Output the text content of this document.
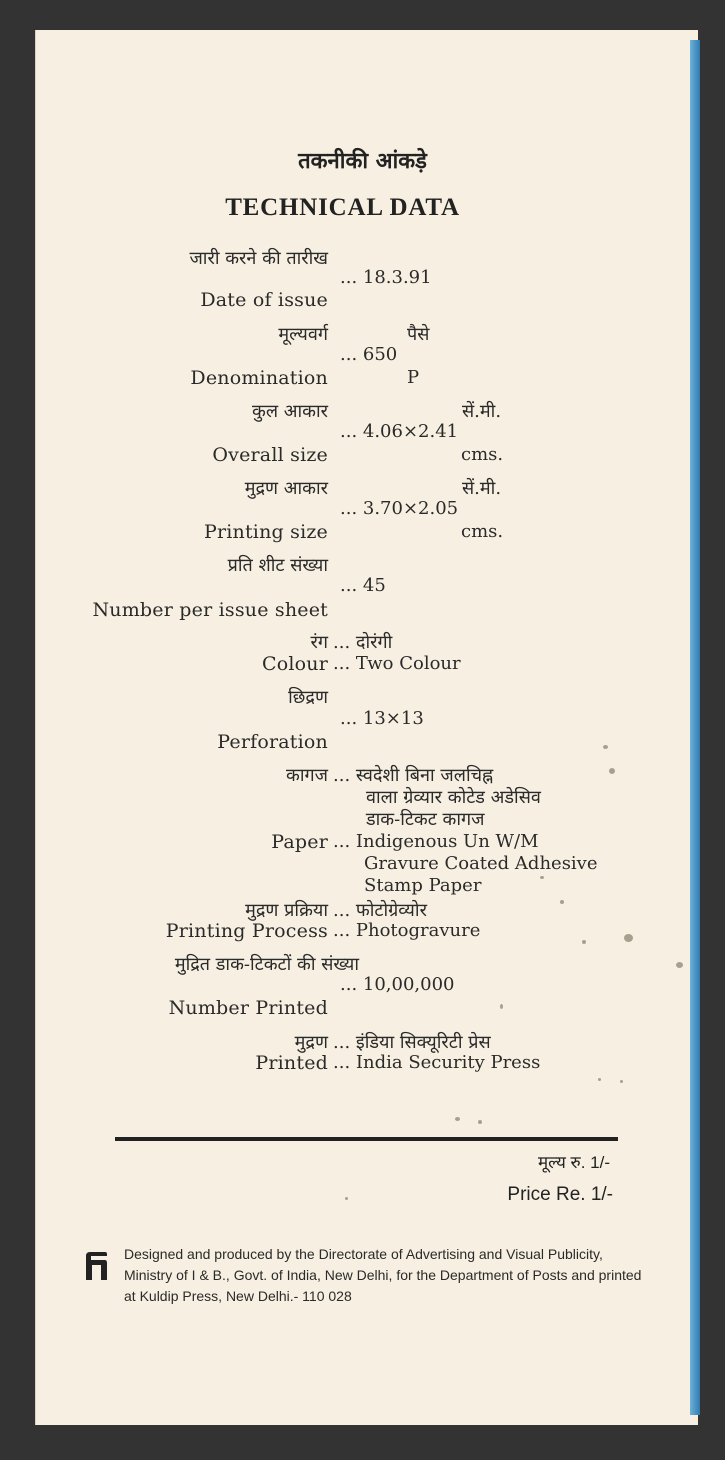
तकनीकी आंकड़े
TECHNICAL DATA
जारी करने की तारीख
... 18.3.91
Date of issue
मूल्यवर्ग	पैसे
... 650
Denomination	P
कुल आकार	सें.मी.
... 4.06×2.41
Overall size	cms.
मुद्रण आकार	सें.मी.
... 3.70×2.05
Printing size	cms.
प्रति शीट संख्या
... 45
Number per issue sheet
रंग ... दोरंगी
Colour ... Two Colour
छिद्रण
... 13×13
Perforation
कागज ... स्वदेशी बिना जलचिह्न
वाला ग्रेव्यार कोटेड अडेसिव
डाक-टिकट कागज
Paper ... Indigenous Un W/M
Gravure Coated Adhesive
Stamp Paper
मुद्रण प्रक्रिया ... फोटोग्रेव्योर
Printing Process ... Photogravure
मुद्रित डाक-टिकटों की संख्या
... 10,00,000
Number Printed
मुद्रण ... इंडिया सिक्यूरिटी प्रेस
Printed ... India Security Press
मूल्य रु. 1/-
Price Re. 1/-
Designed and produced by the Directorate of Advertising and Visual Publicity, Ministry of I & B., Govt. of India, New Delhi, for the Department of Posts and printed at Kuldip Press, New Delhi.- 110 028
